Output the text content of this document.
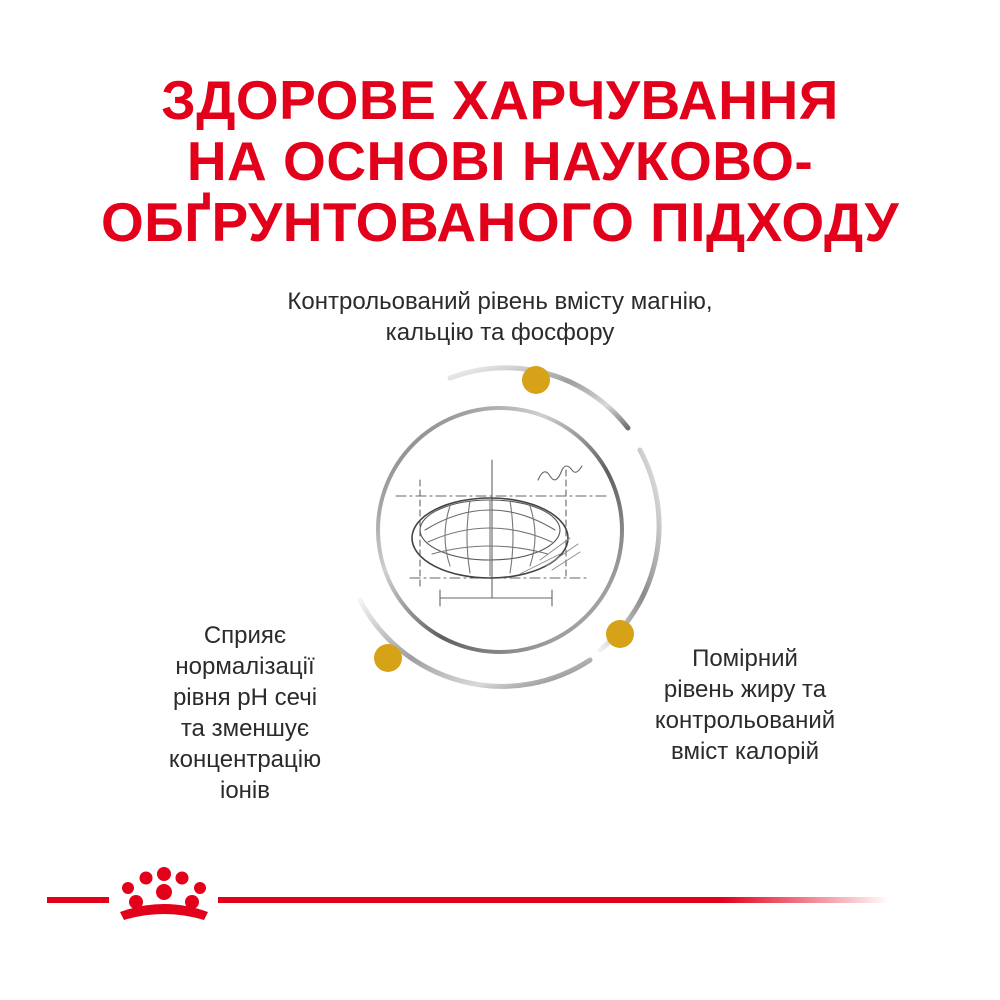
ЗДОРОВЕ ХАРЧУВАННЯ
НА ОСНОВІ НАУКОВО-
ОБҐРУНТОВАНОГО ПІДХОДУ

Контрольований рівень вмісту магнію,
кальцію та фосфору

Сприяє
нормалізації
рівня pH сечі
та зменшує
концентрацію
іонів

Помірний
рівень жиру та
контрольований
вміст калорій
